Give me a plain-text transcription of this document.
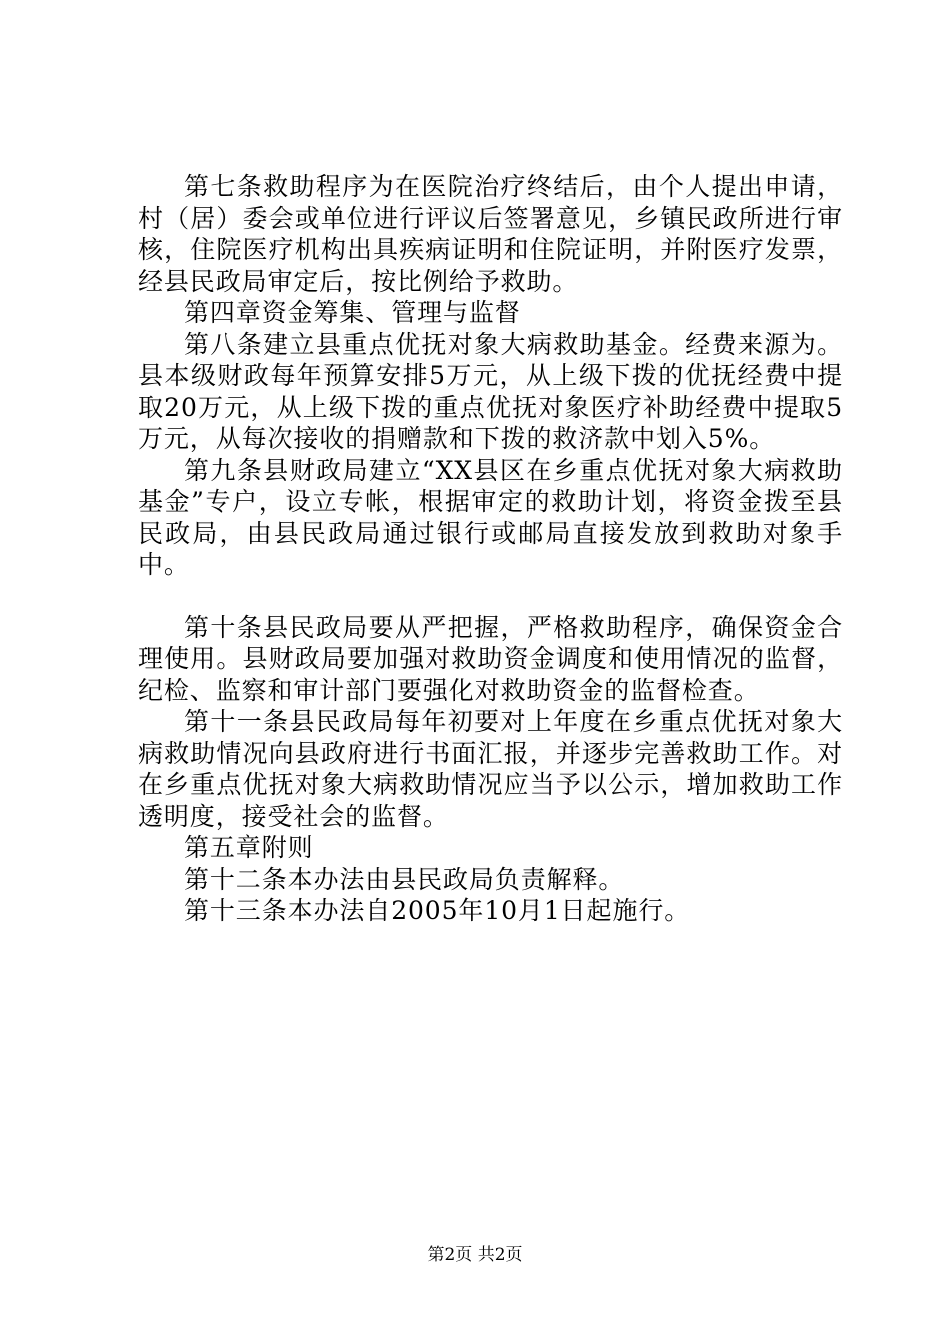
第七条救助程序为在医院治疗终结后，由个人提出申请，村（居）委会或单位进行评议后签署意见，乡镇民政所进行审核，住院医疗机构出具疾病证明和住院证明，并附医疗发票，经县民政局审定后，按比例给予救助。

第四章资金筹集、管理与监督

第八条建立县重点优抚对象大病救助基金。经费来源为。县本级财政每年预算安排5万元，从上级下拨的优抚经费中提取20万元，从上级下拨的重点优抚对象医疗补助经费中提取5万元，从每次接收的捐赠款和下拨的救济款中划入5%。

第九条县财政局建立“XX县区在乡重点优抚对象大病救助基金”专户，设立专帐，根据审定的救助计划，将资金拨至县民政局，由县民政局通过银行或邮局直接发放到救助对象手中。

第十条县民政局要从严把握，严格救助程序，确保资金合理使用。县财政局要加强对救助资金调度和使用情况的监督，纪检、监察和审计部门要强化对救助资金的监督检查。

第十一条县民政局每年初要对上年度在乡重点优抚对象大病救助情况向县政府进行书面汇报，并逐步完善救助工作。对在乡重点优抚对象大病救助情况应当予以公示，增加救助工作透明度，接受社会的监督。

第五章附则

第十二条本办法由县民政局负责解释。

第十三条本办法自2005年10月1日起施行。

第2页 共2页
